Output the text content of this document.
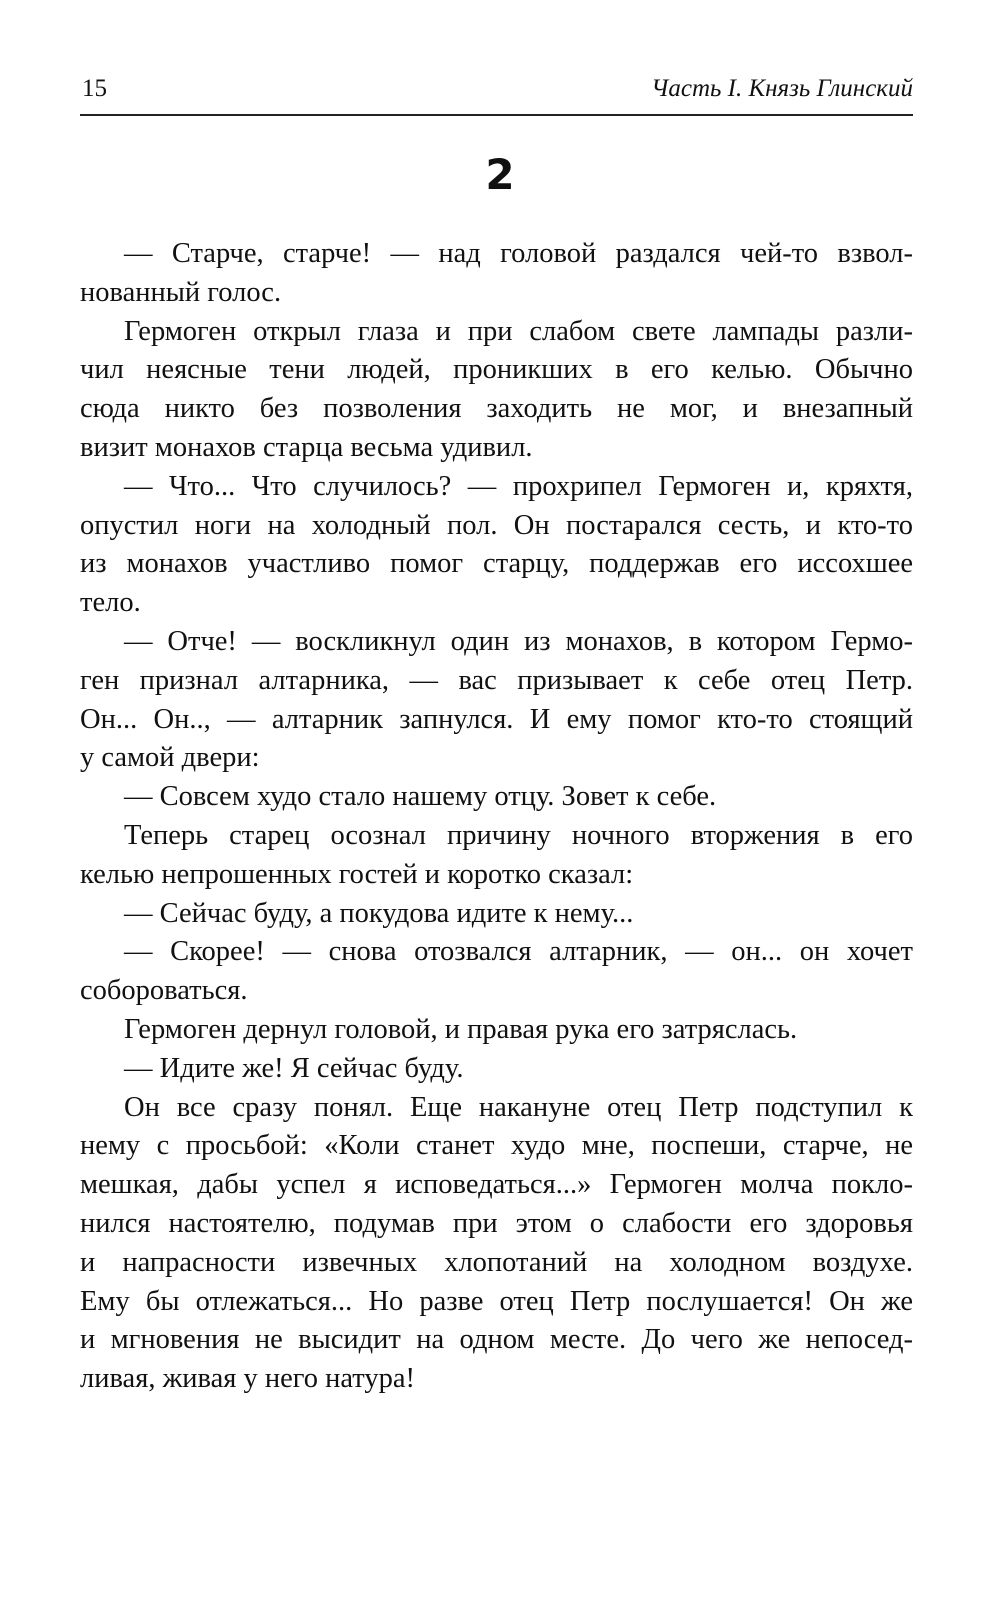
15	Часть I. Князь Глинский
2
— Старче, старче! — над головой раздался чей-то взвол-
нованный голос.
Гермоген открыл глаза и при слабом свете лампады разли-
чил неясные тени людей, проникших в его келью. Обычно
сюда никто без позволения заходить не мог, и внезапный
визит монахов старца весьма удивил.
— Что... Что случилось? — прохрипел Гермоген и, кряхтя,
опустил ноги на холодный пол. Он постарался сесть, и кто-то
из монахов участливо помог старцу, поддержав его иссохшее
тело.
— Отче! — воскликнул один из монахов, в котором Гермо-
ген признал алтарника, — вас призывает к себе отец Петр.
Он... Он.., — алтарник запнулся. И ему помог кто-то стоящий
у самой двери:
— Совсем худо стало нашему отцу. Зовет к себе.
Теперь старец осознал причину ночного вторжения в его
келью непрошенных гостей и коротко сказал:
— Сейчас буду, а покудова идите к нему...
— Скорее! — снова отозвался алтарник, — он... он хочет
собороваться.
Гермоген дернул головой, и правая рука его затряслась.
— Идите же! Я сейчас буду.
Он все сразу понял. Еще накануне отец Петр подступил к
нему с просьбой: «Коли станет худо мне, поспеши, старче, не
мешкая, дабы успел я исповедаться...» Гермоген молча покло-
нился настоятелю, подумав при этом о слабости его здоровья
и напрасности извечных хлопотаний на холодном воздухе.
Ему бы отлежаться... Но разве отец Петр послушается! Он же
и мгновения не высидит на одном месте. До чего же непосед-
ливая, живая у него натура!
